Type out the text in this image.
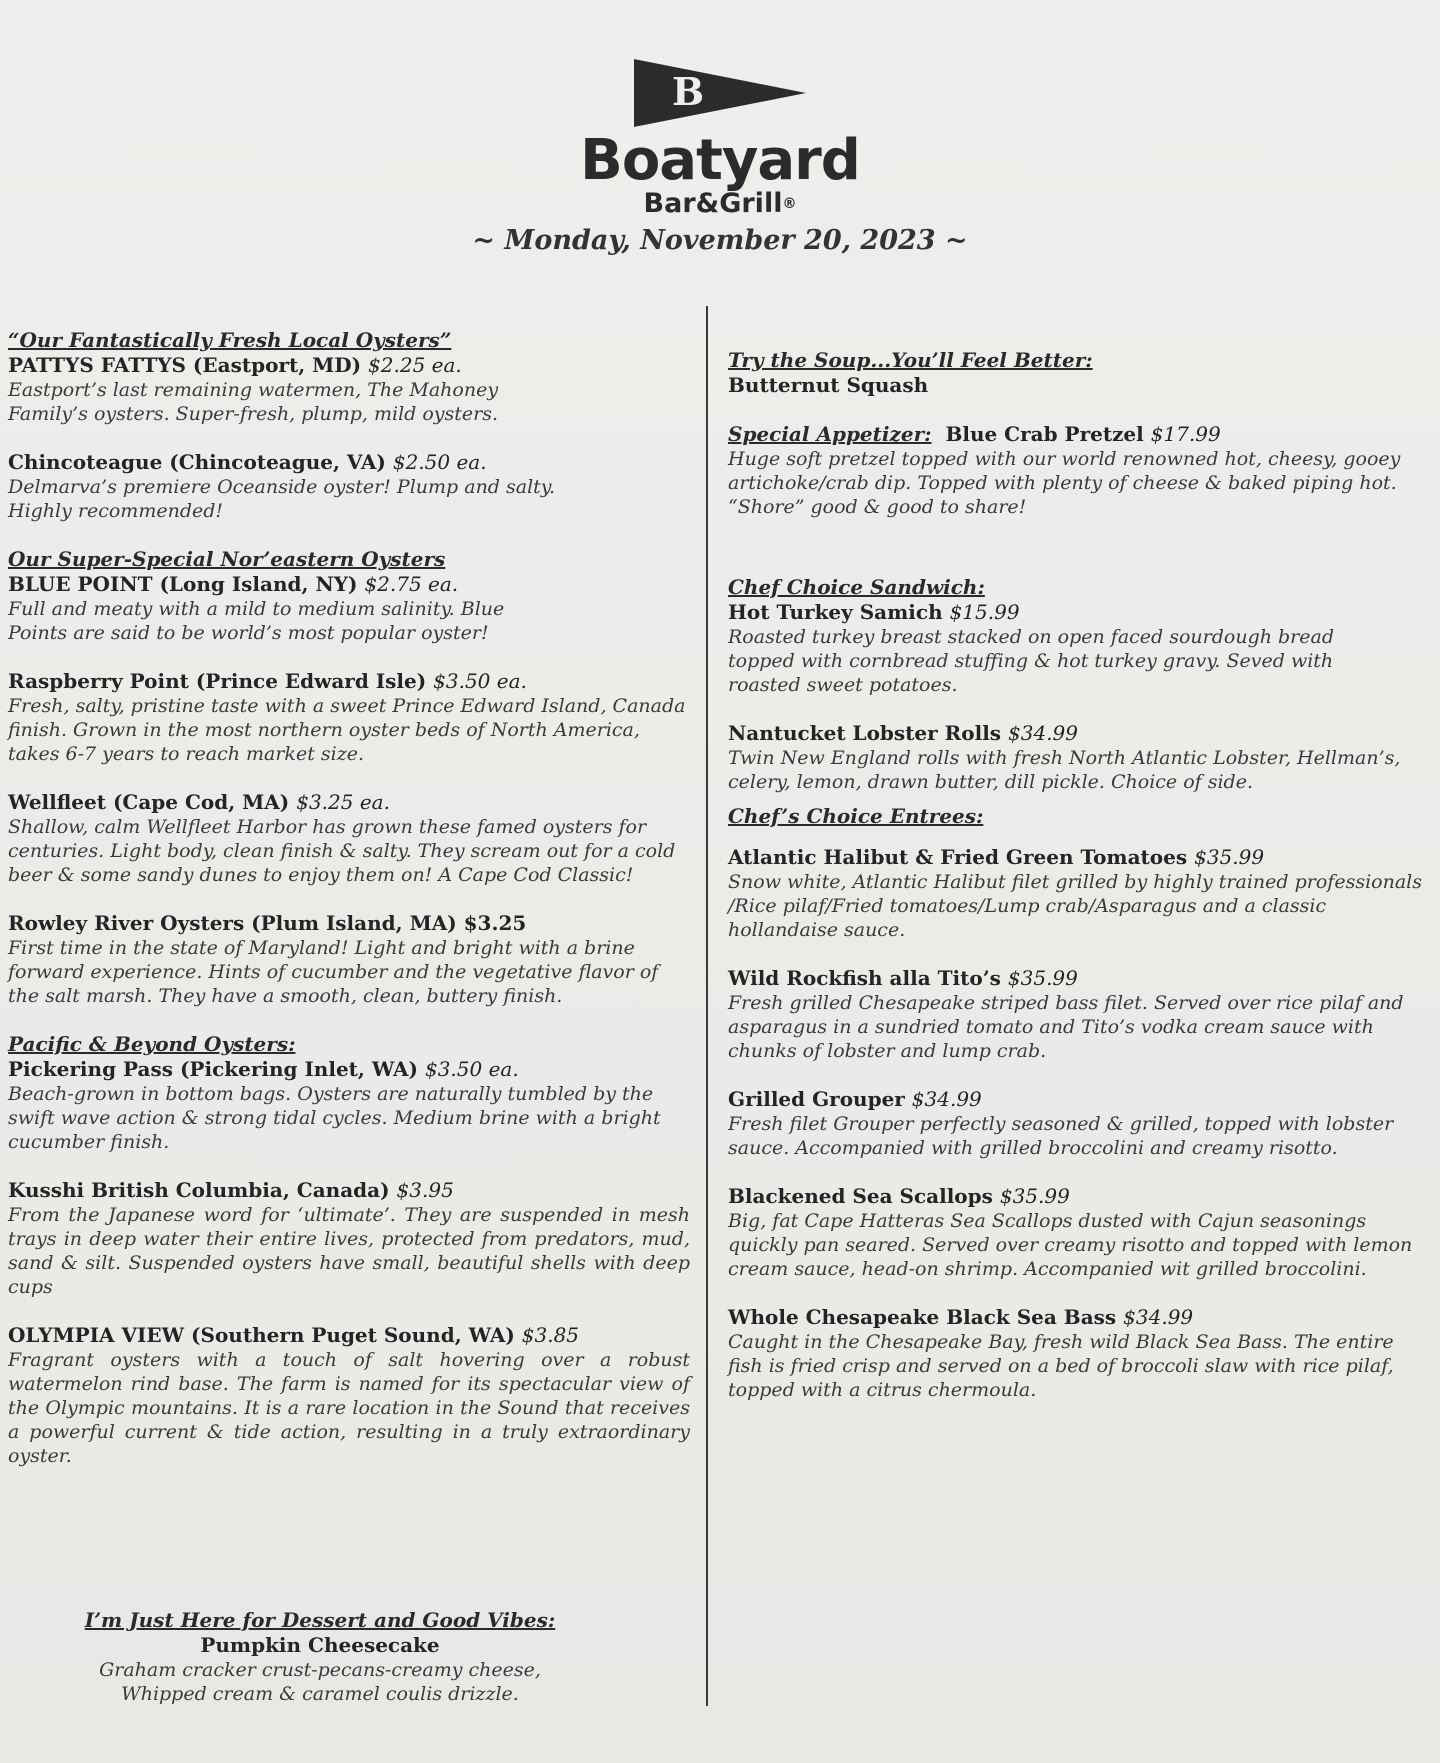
B
Boatyard
Bar&Grill®
~ Monday, November 20, 2023 ~
“Our Fantastically Fresh Local Oysters”
PATTYS FATTYS (Eastport, MD) $2.25 ea.
Eastport’s last remaining watermen, The Mahoney Family’s oysters. Super-fresh, plump, mild oysters.
Chincoteague (Chincoteague, VA) $2.50 ea.
Delmarva’s premiere Oceanside oyster! Plump and salty. Highly recommended!
Our Super-Special Nor’eastern Oysters
BLUE POINT (Long Island, NY) $2.75 ea.
Full and meaty with a mild to medium salinity. Blue Points are said to be world’s most popular oyster!
Raspberry Point (Prince Edward Isle) $3.50 ea.
Fresh, salty, pristine taste with a sweet Prince Edward Island, Canada finish. Grown in the most northern oyster beds of North America, takes 6-7 years to reach market size.
Wellfleet (Cape Cod, MA) $3.25 ea.
Shallow, calm Wellfleet Harbor has grown these famed oysters for centuries. Light body, clean finish & salty. They scream out for a cold beer & some sandy dunes to enjoy them on! A Cape Cod Classic!
Rowley River Oysters (Plum Island, MA) $3.25
First time in the state of Maryland! Light and bright with a brine forward experience. Hints of cucumber and the vegetative flavor of the salt marsh. They have a smooth, clean, buttery finish.
Pacific & Beyond Oysters:
Pickering Pass (Pickering Inlet, WA) $3.50 ea.
Beach-grown in bottom bags. Oysters are naturally tumbled by the swift wave action & strong tidal cycles. Medium brine with a bright cucumber finish.
Kusshi British Columbia, Canada) $3.95
From the Japanese word for ‘ultimate’. They are suspended in mesh trays in deep water their entire lives, protected from predators, mud, sand & silt. Suspended oysters have small, beautiful shells with deep cups
OLYMPIA VIEW (Southern Puget Sound, WA) $3.85
Fragrant oysters with a touch of salt hovering over a robust watermelon rind base. The farm is named for its spectacular view of the Olympic mountains. It is a rare location in the Sound that receives a powerful current & tide action, resulting in a truly extraordinary oyster.
I’m Just Here for Dessert and Good Vibes:
Pumpkin Cheesecake
Graham cracker crust-pecans-creamy cheese,
Whipped cream & caramel coulis drizzle.
Try the Soup...You’ll Feel Better:
Butternut Squash
Special Appetizer: Blue Crab Pretzel $17.99
Huge soft pretzel topped with our world renowned hot, cheesy, gooey artichoke/crab dip. Topped with plenty of cheese & baked piping hot. “Shore” good & good to share!
Chef Choice Sandwich:
Hot Turkey Samich $15.99
Roasted turkey breast stacked on open faced sourdough bread topped with cornbread stuffing & hot turkey gravy. Seved with roasted sweet potatoes.
Nantucket Lobster Rolls $34.99
Twin New England rolls with fresh North Atlantic Lobster, Hellman’s, celery, lemon, drawn butter, dill pickle. Choice of side.
Chef’s Choice Entrees:
Atlantic Halibut & Fried Green Tomatoes $35.99
Snow white, Atlantic Halibut filet grilled by highly trained professionals /Rice pilaf/Fried tomatoes/Lump crab/Asparagus and a classic hollandaise sauce.
Wild Rockfish alla Tito’s $35.99
Fresh grilled Chesapeake striped bass filet. Served over rice pilaf and asparagus in a sundried tomato and Tito’s vodka cream sauce with chunks of lobster and lump crab.
Grilled Grouper $34.99
Fresh filet Grouper perfectly seasoned & grilled, topped with lobster sauce. Accompanied with grilled broccolini and creamy risotto.
Blackened Sea Scallops $35.99
Big, fat Cape Hatteras Sea Scallops dusted with Cajun seasonings quickly pan seared. Served over creamy risotto and topped with lemon cream sauce, head-on shrimp. Accompanied wit grilled broccolini.
Whole Chesapeake Black Sea Bass $34.99
Caught in the Chesapeake Bay, fresh wild Black Sea Bass. The entire fish is fried crisp and served on a bed of broccoli slaw with rice pilaf, topped with a citrus chermoula.
